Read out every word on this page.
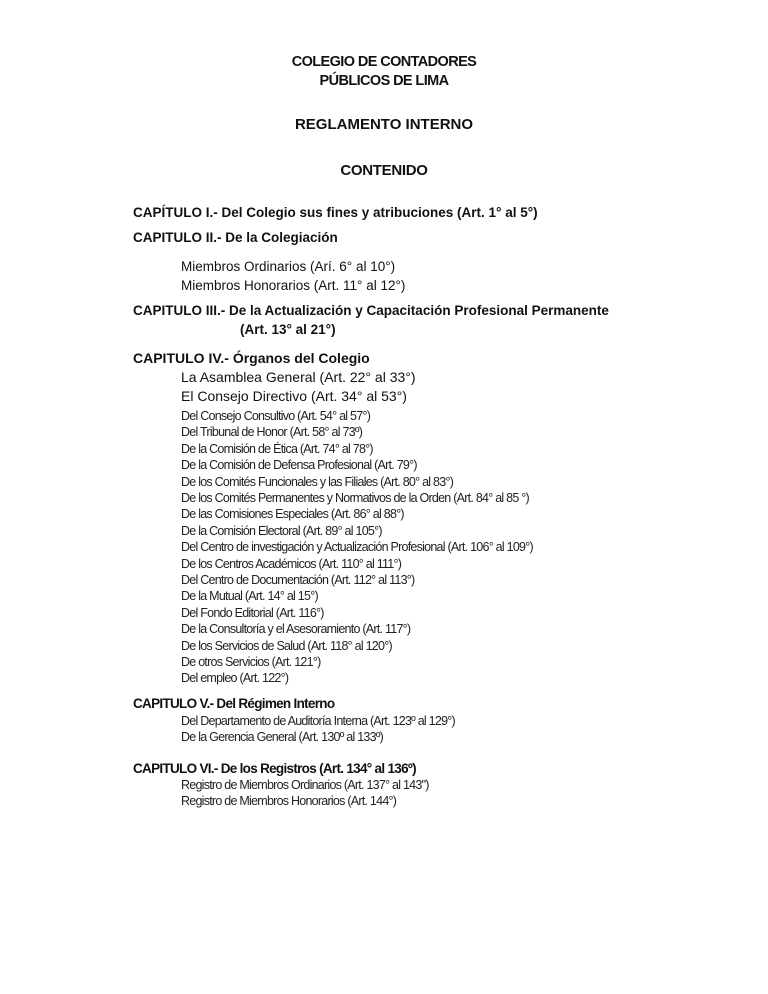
COLEGIO DE CONTADORES
PÚBLICOS DE LIMA
REGLAMENTO INTERNO
CONTENIDO
CAPÍTULO I.- Del Colegio sus fines y atribuciones (Art. 1° al 5°)
CAPITULO II.- De la Colegiación
Miembros Ordinarios (Arí. 6° al 10°)
Miembros Honorarios (Art. 11° al 12°)
CAPITULO III.- De la Actualización y Capacitación Profesional Permanente
(Art. 13° al 21°)
CAPITULO IV.- Órganos del Colegio
La Asamblea General (Art. 22° al 33°)
El Consejo Directivo (Art. 34° al 53°)
Del Consejo Consultivo (Art. 54° al 57°)
Del Tribunal de Honor (Art. 58° al 73º)
De la Comisión de Ética (Art. 74° al 78°)
De la Comisión de Defensa Profesional (Art. 79°)
De los Comités Funcionales y las Filiales (Art. 80° al 83°)
De los Comités Permanentes y Normativos de la Orden (Art. 84° al 85 °)
De las Comisiones Especiales (Art. 86° al 88°)
De la Comisión Electoral (Art. 89° al 105°)
Del Centro de investigación y Actualización Profesional (Art. 106° al 109°)
De los Centros Académicos (Art. 110° al 111°)
Del Centro de Documentación (Art. 112° al 113°)
De la Mutual (Art. 14° al 15°)
Del Fondo Editorial (Art. 116°)
De la Consultoría y el Asesoramiento (Art. 117°)
De los Servicios de Salud (Art. 118° al 120°)
De otros Servicios (Art. 121°)
Del empleo (Art. 122°)
CAPITULO V.- Del Régimen Interno
Del Departamento de Auditoría Interna (Art. 123º al 129°)
De la Gerencia General (Art. 130º al 133º)
CAPITULO VI.- De los Registros (Art. 134° al 136º)
Registro de Miembros Ordinarios (Art. 137° al 143")
Registro de Miembros Honorarios (Art. 144°)
